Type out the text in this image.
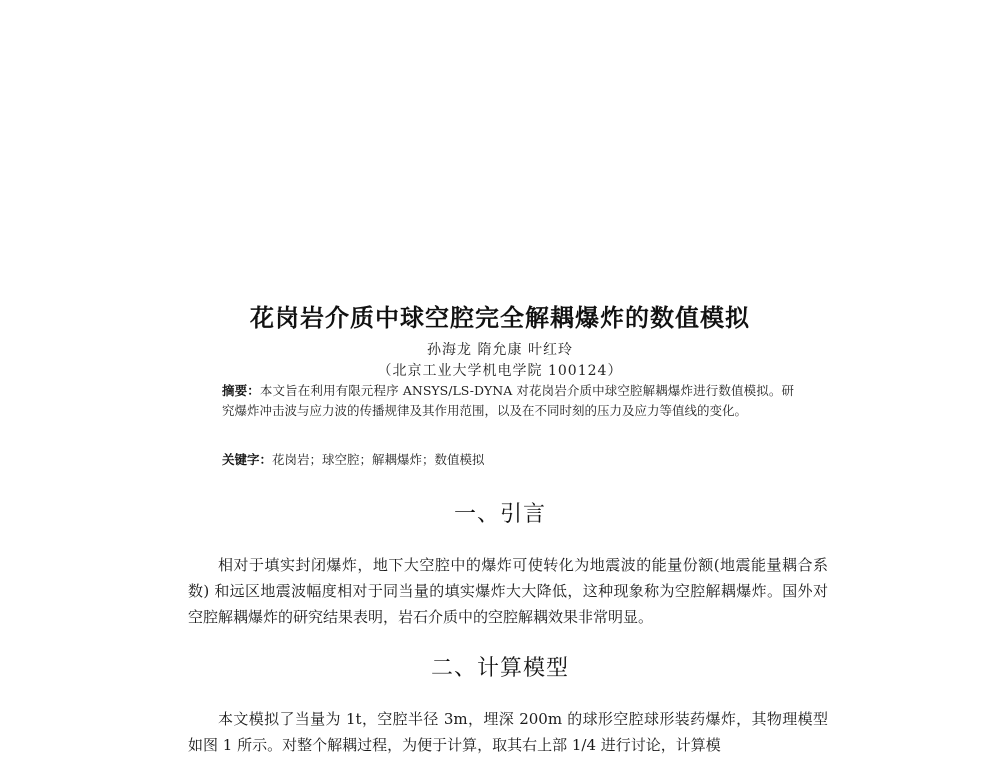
花岗岩介质中球空腔完全解耦爆炸的数值模拟
孙海龙 隋允康 叶红玲
（北京工业大学机电学院 100124）
摘要：本文旨在利用有限元程序 ANSYS/LS-DYNA 对花岗岩介质中球空腔解耦爆炸进行数值模拟。研究爆炸冲击波与应力波的传播规律及其作用范围，以及在不同时刻的压力及应力等值线的变化。
关键字：花岗岩；球空腔；解耦爆炸；数值模拟
一、引言
相对于填实封闭爆炸，地下大空腔中的爆炸可使转化为地震波的能量份额(地震能量耦合系数) 和远区地震波幅度相对于同当量的填实爆炸大大降低，这种现象称为空腔解耦爆炸。国外对空腔解耦爆炸的研究结果表明，岩石介质中的空腔解耦效果非常明显。
二、计算模型
本文模拟了当量为 1t，空腔半径 3m，埋深 200m 的球形空腔球形装药爆炸，其物理模型如图 1 所示。对整个解耦过程，为便于计算，取其右上部 1/4 进行讨论，计算模
